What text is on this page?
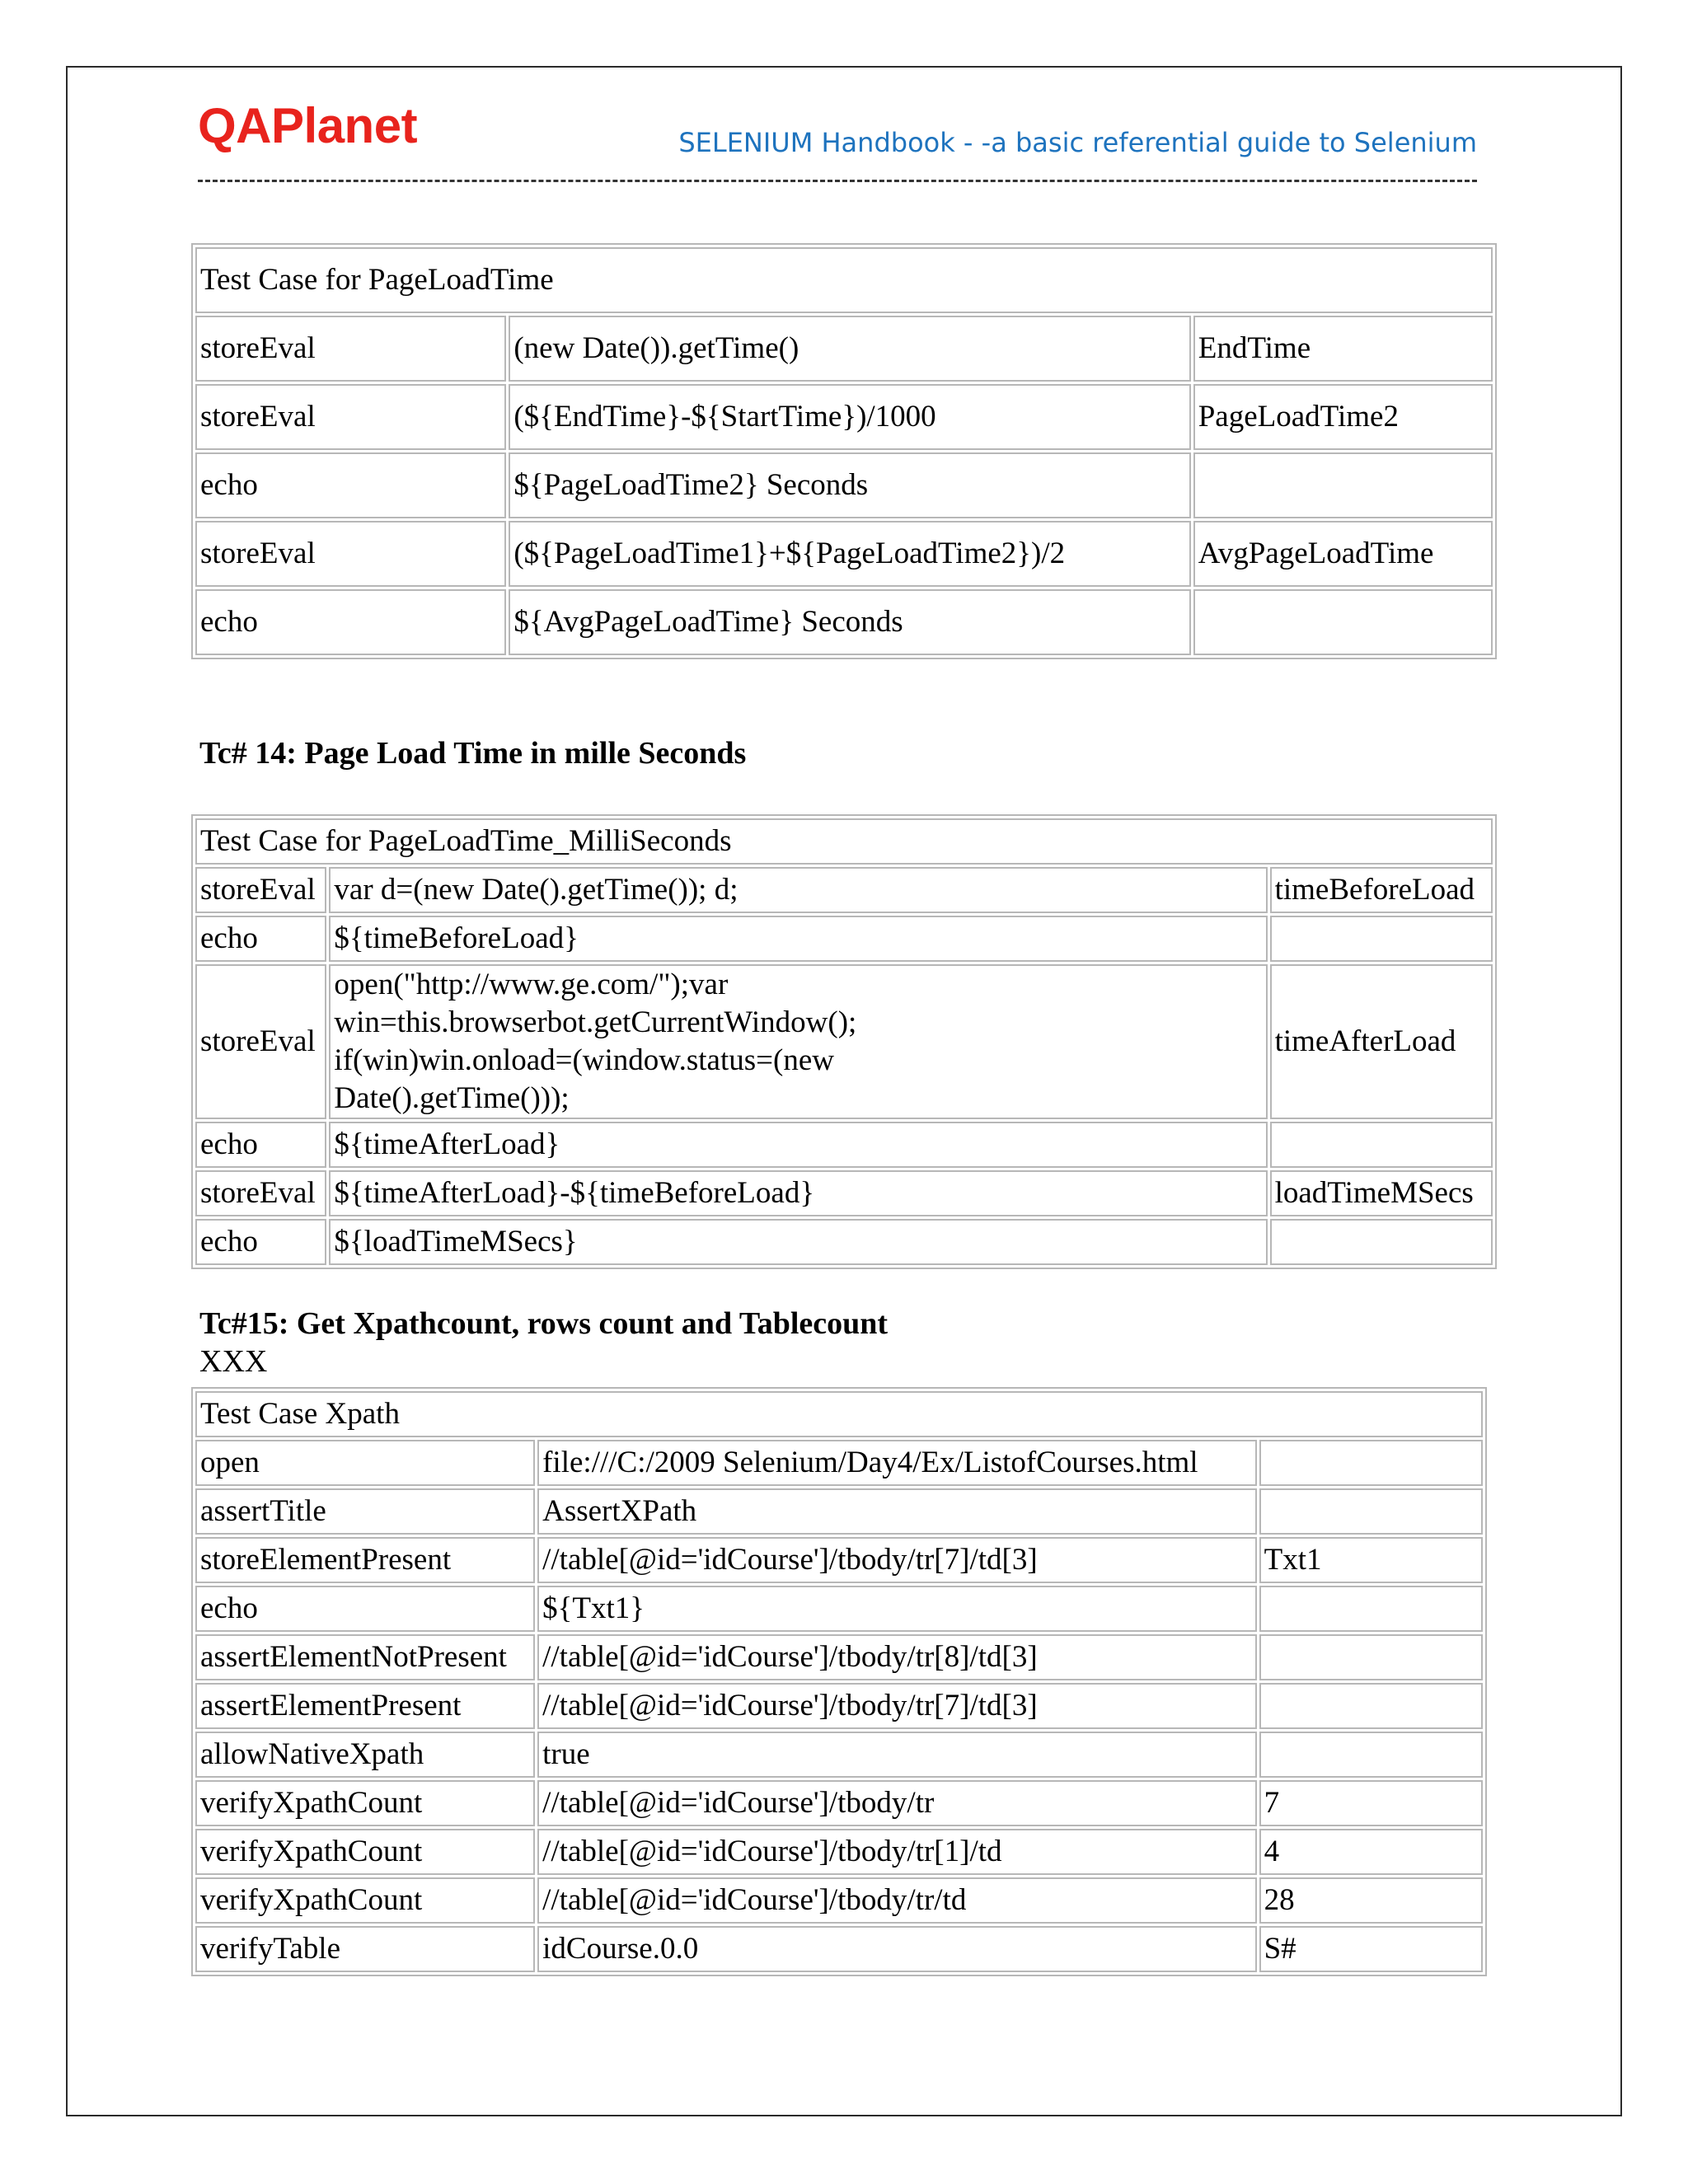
QAPlanet	SELENIUM Handbook - -a basic referential guide to Selenium
Test Case for PageLoadTime		
storeEval	(new Date()).getTime()	EndTime
storeEval	(${EndTime}-${StartTime})/1000	PageLoadTime2
echo	${PageLoadTime2} Seconds	
storeEval	(${PageLoadTime1}+${PageLoadTime2})/2	AvgPageLoadTime
echo	${AvgPageLoadTime} Seconds	
Tc# 14: Page Load Time in mille Seconds
Test Case for PageLoadTime_MilliSeconds		
storeEval	var d=(new Date().getTime()); d;	timeBeforeLoad
echo	${timeBeforeLoad}	
storeEval	open("http://www.ge.com/");var win=this.browserbot.getCurrentWindow(); if(win)win.onload=(window.status=(new Date().getTime()));	timeAfterLoad
echo	${timeAfterLoad}	
storeEval	${timeAfterLoad}-${timeBeforeLoad}	loadTimeMSecs
echo	${loadTimeMSecs}	
Tc#15: Get Xpathcount, rows count and Tablecount
XXX
Test Case Xpath		
open	file:///C:/2009 Selenium/Day4/Ex/ListofCourses.html	
assertTitle	AssertXPath	
storeElementPresent	//table[@id='idCourse']/tbody/tr[7]/td[3]	Txt1
echo	${Txt1}	
assertElementNotPresent	//table[@id='idCourse']/tbody/tr[8]/td[3]	
assertElementPresent	//table[@id='idCourse']/tbody/tr[7]/td[3]	
allowNativeXpath	true	
verifyXpathCount	//table[@id='idCourse']/tbody/tr	7
verifyXpathCount	//table[@id='idCourse']/tbody/tr[1]/td	4
verifyXpathCount	//table[@id='idCourse']/tbody/tr/td	28
verifyTable	idCourse.0.0	S#
